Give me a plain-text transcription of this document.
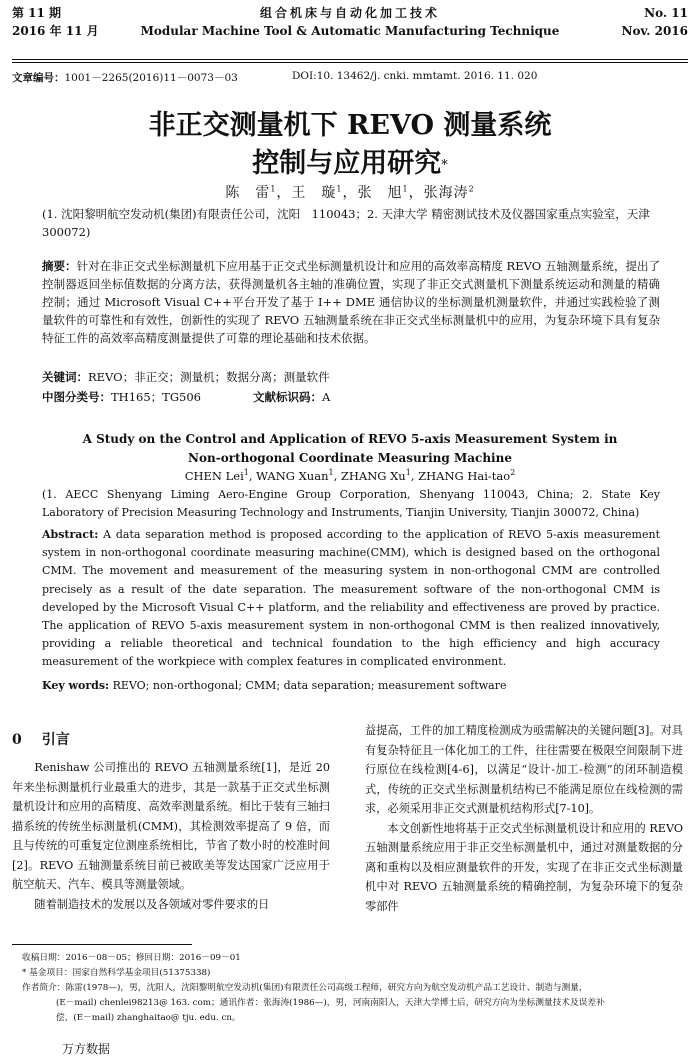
第 11 期
2016 年 11 月
组合机床与自动化加工技术
Modular Machine Tool & Automatic Manufacturing Technique
No. 11
Nov. 2016
文章编号：1001－2265(2016)11－0073－03	DOI:10. 13462/j. cnki. mmtamt. 2016. 11. 020
非正交测量机下 REVO 测量系统
控制与应用研究*
陈　雷$^1$，王　璇$^1$，张　旭$^1$，张海涛$^2$
(1. 沈阳黎明航空发动机(集团)有限责任公司，沈阳　110043；2. 天津大学 精密测试技术及仪器国家重点实验室，天津　300072)
摘要：针对在非正交式坐标测量机下应用基于正交式坐标测量机设计和应用的高效率高精度 REVO 五轴测量系统，提出了控制器返回坐标值数据的分离方法，获得测量机各主轴的准确位置，实现了非正交式测量机下测量系统运动和测量的精确控制；通过 Microsoft Visual C++平台开发了基于 I++ DME 通信协议的坐标测量机测量软件，并通过实践检验了测量软件的可靠性和有效性，创新性的实现了 REVO 五轴测量系统在非正交式坐标测量机中的应用，为复杂环境下具有复杂特征工件的高效率高精度测量提供了可靠的理论基础和技术依据。
关键词：REVO；非正交；测量机；数据分离；测量软件
中图分类号：TH165；TG506	文献标识码：A
A Study on the Control and Application of REVO 5-axis Measurement System in
Non-orthogonal Coordinate Measuring Machine
CHEN Lei$^1$, WANG Xuan$^1$, ZHANG Xu$^1$, ZHANG Hai-tao$^2$
(1. AECC Shenyang Liming Aero-Engine Group Corporation, Shenyang 110043, China; 2. State Key Laboratory of Precision Measuring Technology and Instruments, Tianjin University, Tianjin 300072, China)
Abstract: A data separation method is proposed according to the application of REVO 5-axis measurement system in non-orthogonal coordinate measuring machine(CMM), which is designed based on the orthogonal CMM. The movement and measurement of the measuring system in non-orthogonal CMM are controlled precisely as a result of the date separation. The measurement software of the non-orthogonal CMM is developed by the Microsoft Visual C++ platform, and the reliability and effectiveness are proved by practice. The application of REVO 5-axis measurement system in non-orthogonal CMM is then realized innovatively, providing a reliable theoretical and technical foundation to the high efficiency and high accuracy measurement of the workpiece with complex features in complicated environment.
Key words: REVO; non-orthogonal; CMM; data separation; measurement software
0 引言

Renishaw 公司推出的 REVO 五轴测量系统[1]，是近 20 年来坐标测量机行业最重大的进步，其是一款基于正交式坐标测量机设计和应用的高精度、高效率测量系统。相比于装有三轴扫描系统的传统坐标测量机(CMM)，其检测效率提高了 9 倍，而且与传统的可重复定位测座系统相比，节省了数小时的校准时间[2]。REVO 五轴测量系统目前已被欧美等发达国家广泛应用于航空航天、汽车、模具等测量领域。

随着制造技术的发展以及各领域对零件要求的日

益提高，工件的加工精度检测成为亟需解决的关键问题[3]。对具有复杂特征且一体化加工的工件，往往需要在极限空间限制下进行原位在线检测[4-6]，以满足“设计-加工-检测”的闭环制造模式，传统的正交式坐标测量机结构已不能满足原位在线检测的需求，必须采用非正交式测量机结构形式[7-10]。

本文创新性地将基于正交式坐标测量机设计和应用的 REVO 五轴测量系统应用于非正交坐标测量机中，通过对测量数据的分离和重构以及相应测量软件的开发，实现了在非正交式坐标测量机中对 REVO 五轴测量系统的精确控制，为复杂环境下的复杂零部件

收稿日期：2016－08－05；修回日期：2016－09－01
* 基金项目：国家自然科学基金项目(51375338)
作者简介：陈雷(1978—)，男，沈阳人，沈阳黎明航空发动机(集团)有限责任公司高级工程师，研究方向为航空发动机产品工艺设计、制造与测量，
(E－mail) chenlei98213@ 163. com；通讯作者：张海涛(1986—)，男，河南南阳人，天津大学博士后，研究方向为坐标测量技术及误差补
偿，(E－mail) zhanghaitao@ tju. edu. cn。
万方数据
